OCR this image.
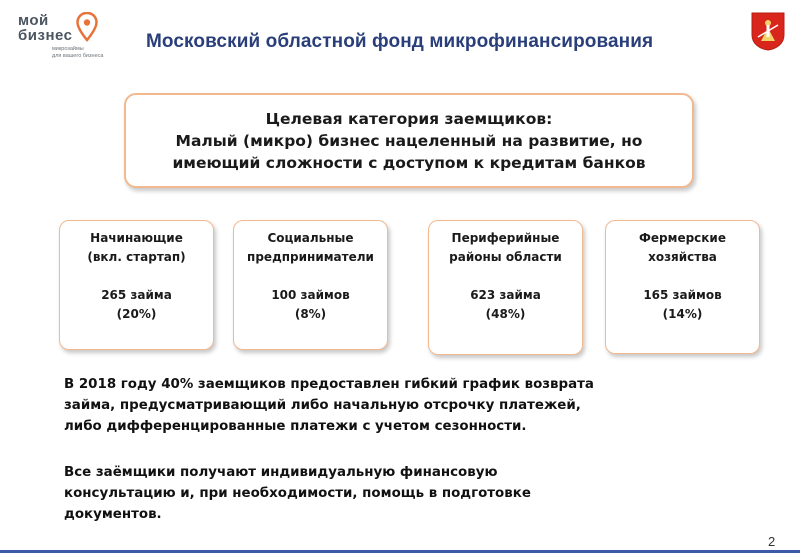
мой
бизнес
микрозаймы
для вашего бизнеса
Московский областной фонд микрофинансирования
Целевая категория заемщиков:
Малый (микро) бизнес нацеленный на развитие, но
имеющий сложности с доступом к кредитам банков
Начинающие
(вкл. стартап)
265 займа
(20%)
Социальные
предприниматели
100 займов
(8%)
Периферийные
районы области
623 займа
(48%)
Фермерские
хозяйства
165 займов
(14%)
В 2018 году 40% заемщиков предоставлен гибкий график возврата
займа, предусматривающий либо начальную отсрочку платежей,
либо дифференцированные платежи с учетом сезонности.
Все заёмщики получают индивидуальную финансовую
консультацию и, при необходимости, помощь в подготовке
документов.
2
